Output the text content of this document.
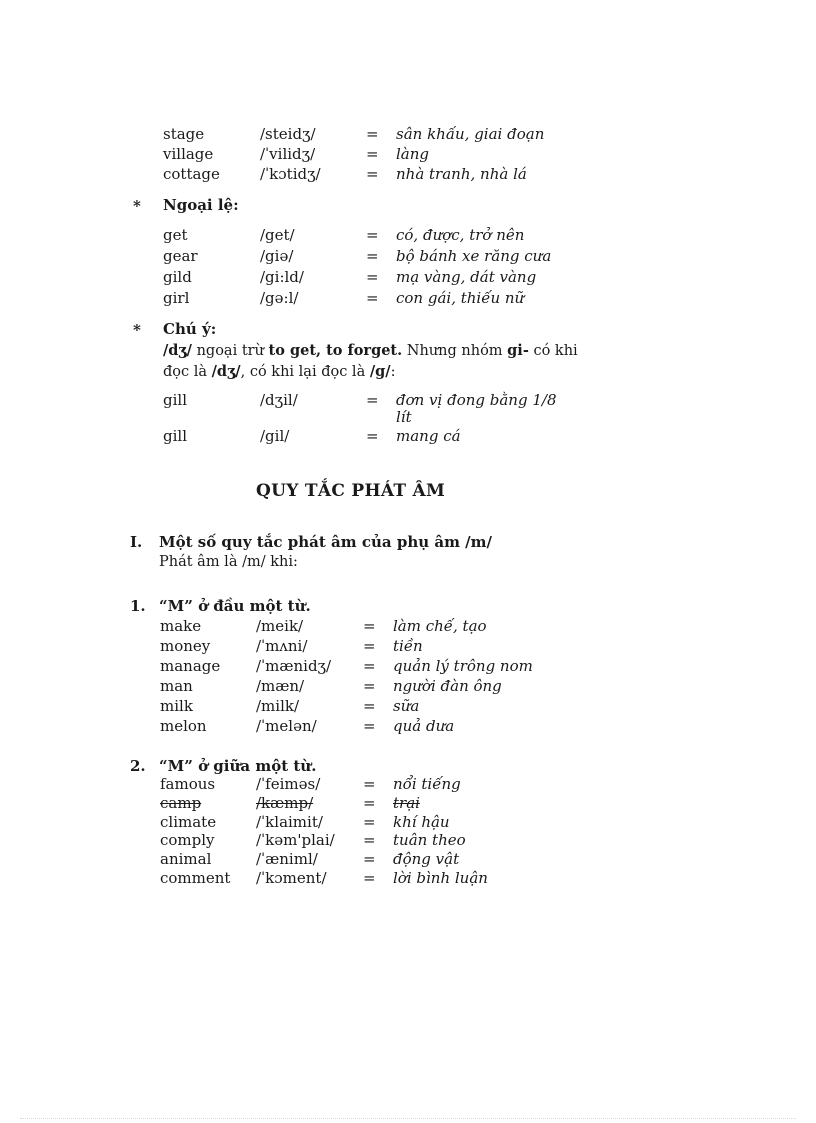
stage	/steidʒ/	= sân khấu, giai đoạn
village	/ˈvilidʒ/	= làng
cottage	/ˈkɔtidʒ/	= nhà tranh, nhà lá
* Ngoại lệ:
get	/get/	= có, được, trở nên
gear	/giə/	= bộ bánh xe răng cưa
gild	/gi:ld/	= mạ vàng, dát vàng
girl	/gə:l/	= con gái, thiếu nữ
* Chú ý:
/dʒ/ ngoại trừ to get, to forget. Nhưng nhóm gi- có khi
đọc là /dʒ/, có khi lại đọc là /g/:
gill	/dʒil/	= đơn vị đong bằng 1/8
lít
gill	/gil/	= mang cá
QUY TẮC PHÁT ÂM
I. Một số quy tắc phát âm của phụ âm /m/
Phát âm là /m/ khi:
1. “M” ở đầu một từ.
make	/meik/	= làm chế, tạo
money	/ˈmʌni/	= tiền
manage /ˈmænidʒ/ = quản lý trông nom
man	/mæn/	= người đàn ông
milk	/milk/	= sữa
melon	/ˈmelən/	= quả dưa
2. “M” ở giữa một từ.
famous	/ˈfeiməs/	= nổi tiếng
camp	/kæmp/	= trại
climate	/ˈklaimit/	= khí hậu
comply	/ˈkəm'plai/ = tuân theo
animal	/ˈæniml/	= động vật
comment /ˈkɔment/ = lời bình luận
